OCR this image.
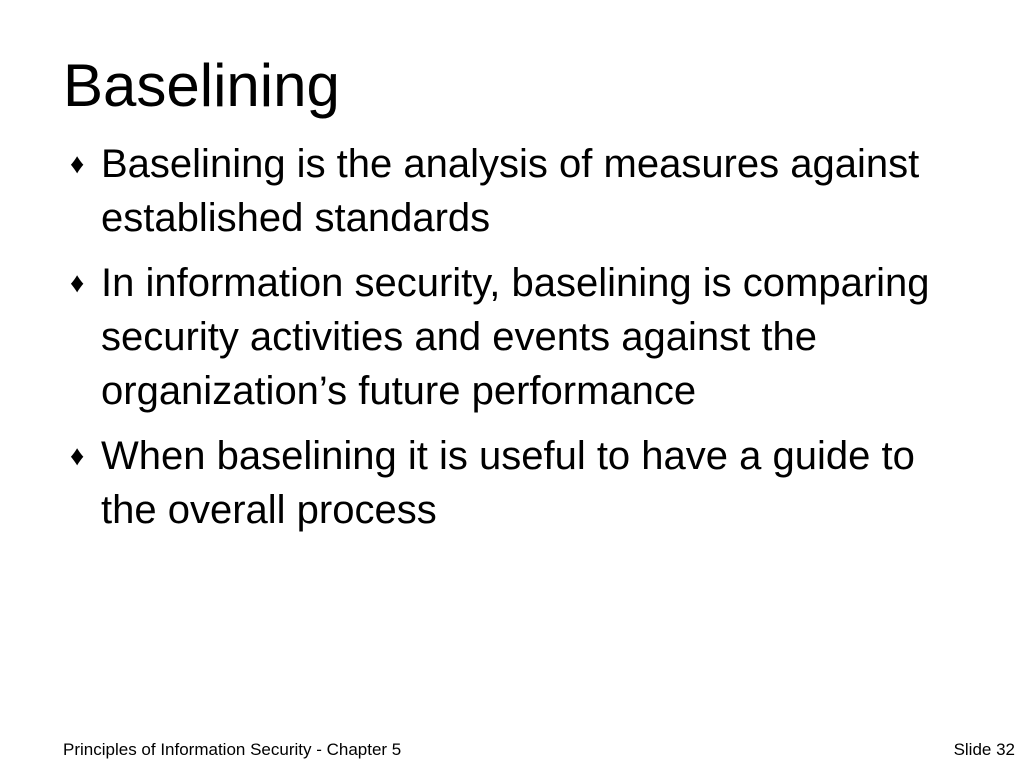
Baselining
♦ Baselining is the analysis of measures against established standards
♦ In information security, baselining is comparing security activities and events against the organization’s future performance
♦ When baselining it is useful to have a guide to the overall process
Principles of Information Security - Chapter 5	Slide 32
